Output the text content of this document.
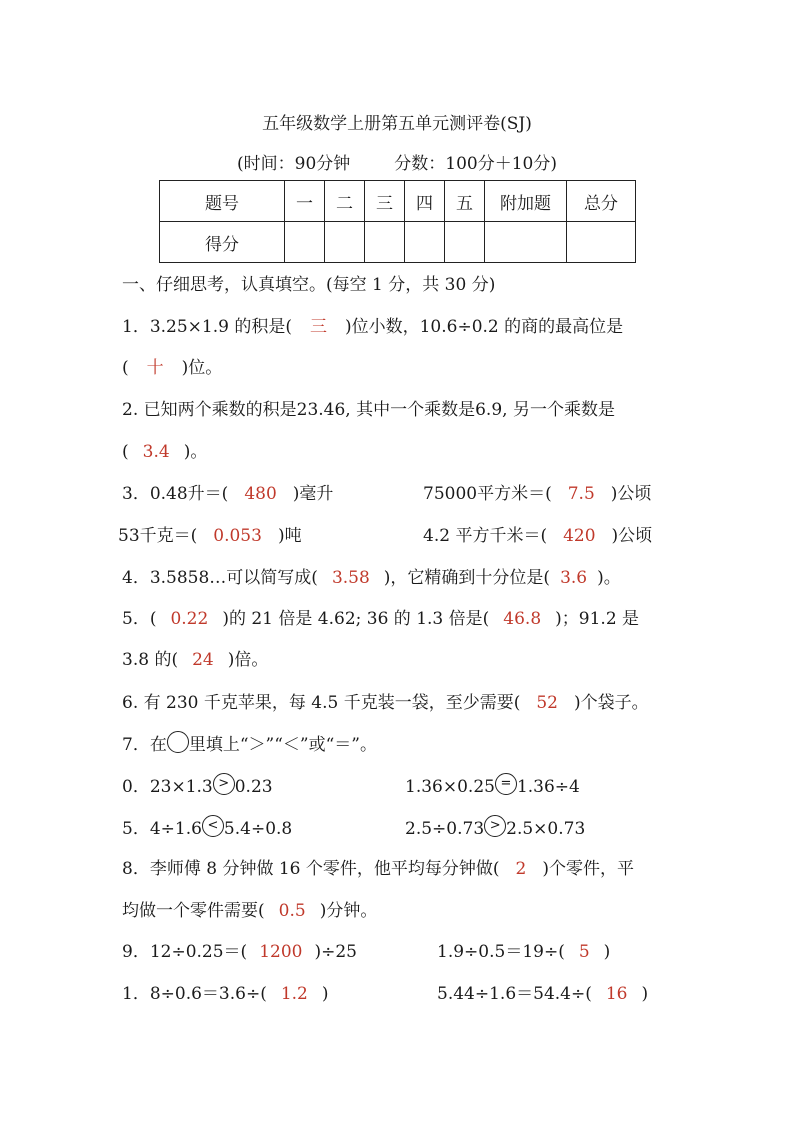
五年级数学上册第五单元测评卷(SJ)
(时间：90分钟	分数：100分＋10分)
题号	一	二	三	四	五	附加题	总分
得分							
一、仔细思考，认真填空。(每空 1 分，共 30 分)
1．3.25×1.9 的积是( 三 )位小数，10.6÷0.2 的商的最高位是
( 十 )位。
2. 已知两个乘数的积是23.46, 其中一个乘数是6.9, 另一个乘数是
( 3.4 )。
3．0.48升＝( 480 )毫升	75000平方米＝( 7.5 )公顷
53千克＝( 0.053 )吨	4.2 平方千米＝( 420 )公顷
4．3.5858…可以简写成( 3.58 )，它精确到十分位是( 3.6 )。
5．( 0.22 )的 21 倍是 4.62; 36 的 1.3 倍是( 46.8 )；91.2 是
3.8 的( 24 )倍。
6. 有 230 千克苹果，每 4.5 千克装一袋，至少需要( 52 )个袋子。
7．在 里填上“＞”“＜”或“＝”。
0．23×1.3 > 0.23	1.36×0.25 = 1.36÷4
5．4÷1.6 < 5.4÷0.8	2.5÷0.73 > 2.5×0.73
8．李师傅 8 分钟做 16 个零件，他平均每分钟做( 2 )个零件，平
均做一个零件需要( 0.5 )分钟。
9．12÷0.25＝( 1200 )÷25	1.9÷0.5＝19÷( 5 )
1．8÷0.6＝3.6÷( 1.2 )	5.44÷1.6＝54.4÷( 16 )
